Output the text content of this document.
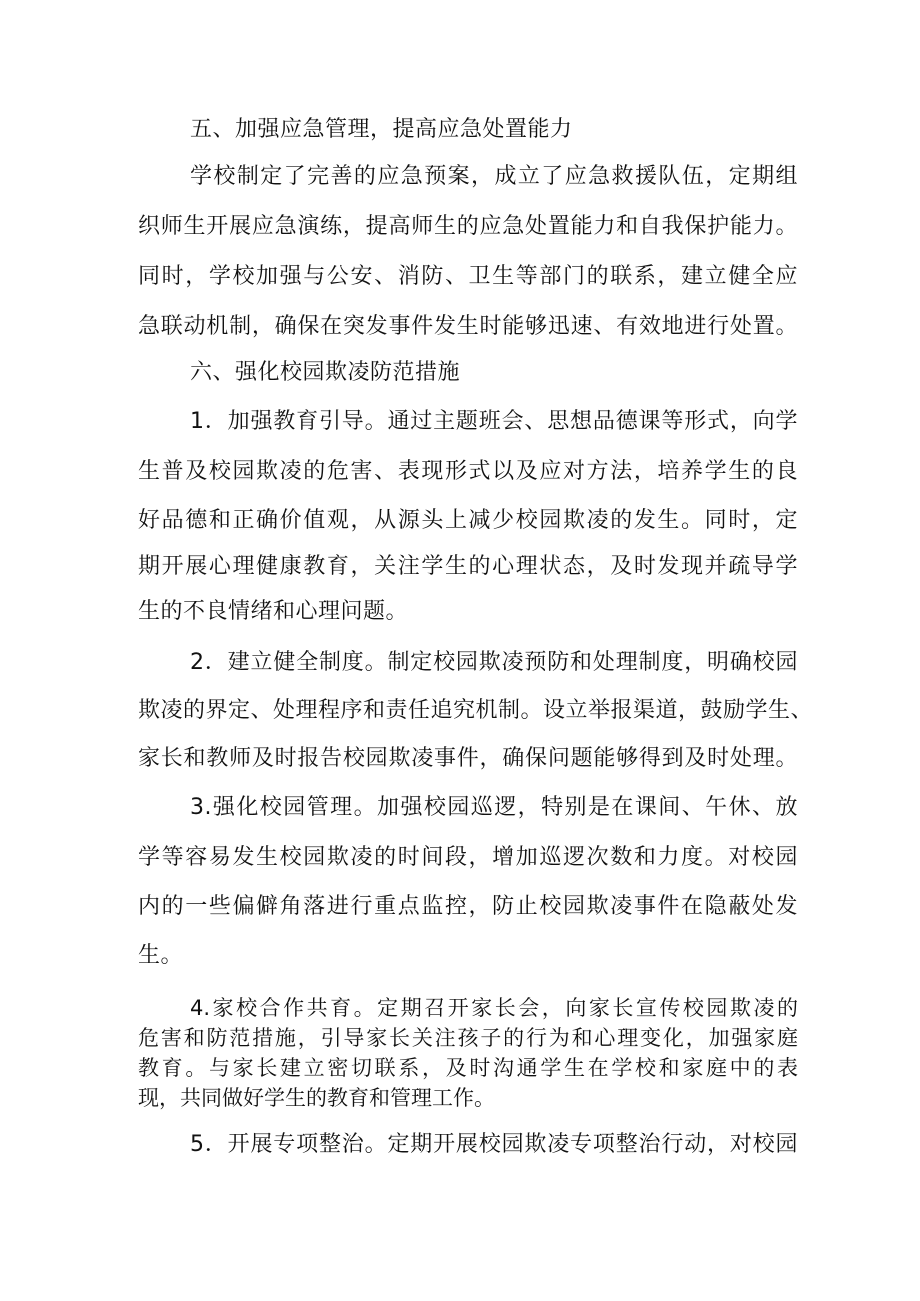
五、加强应急管理，提高应急处置能力
学校制定了完善的应急预案，成立了应急救援队伍，定期组
织师生开展应急演练，提高师生的应急处置能力和自我保护能力。
同时，学校加强与公安、消防、卫生等部门的联系，建立健全应
急联动机制，确保在突发事件发生时能够迅速、有效地进行处置。
六、强化校园欺凌防范措施
1．加强教育引导。通过主题班会、思想品德课等形式，向学
生普及校园欺凌的危害、表现形式以及应对方法，培养学生的良
好品德和正确价值观，从源头上减少校园欺凌的发生。同时，定
期开展心理健康教育，关注学生的心理状态，及时发现并疏导学
生的不良情绪和心理问题。
2．建立健全制度。制定校园欺凌预防和处理制度，明确校园
欺凌的界定、处理程序和责任追究机制。设立举报渠道，鼓励学生、
家长和教师及时报告校园欺凌事件，确保问题能够得到及时处理。
3.强化校园管理。加强校园巡逻，特别是在课间、午休、放
学等容易发生校园欺凌的时间段，增加巡逻次数和力度。对校园
内的一些偏僻角落进行重点监控，防止校园欺凌事件在隐蔽处发
生。
4.家校合作共育。定期召开家长会，向家长宣传校园欺凌的
危害和防范措施，引导家长关注孩子的行为和心理变化，加强家庭
教育。与家长建立密切联系，及时沟通学生在学校和家庭中的表
现，共同做好学生的教育和管理工作。
5．开展专项整治。定期开展校园欺凌专项整治行动，对校园
